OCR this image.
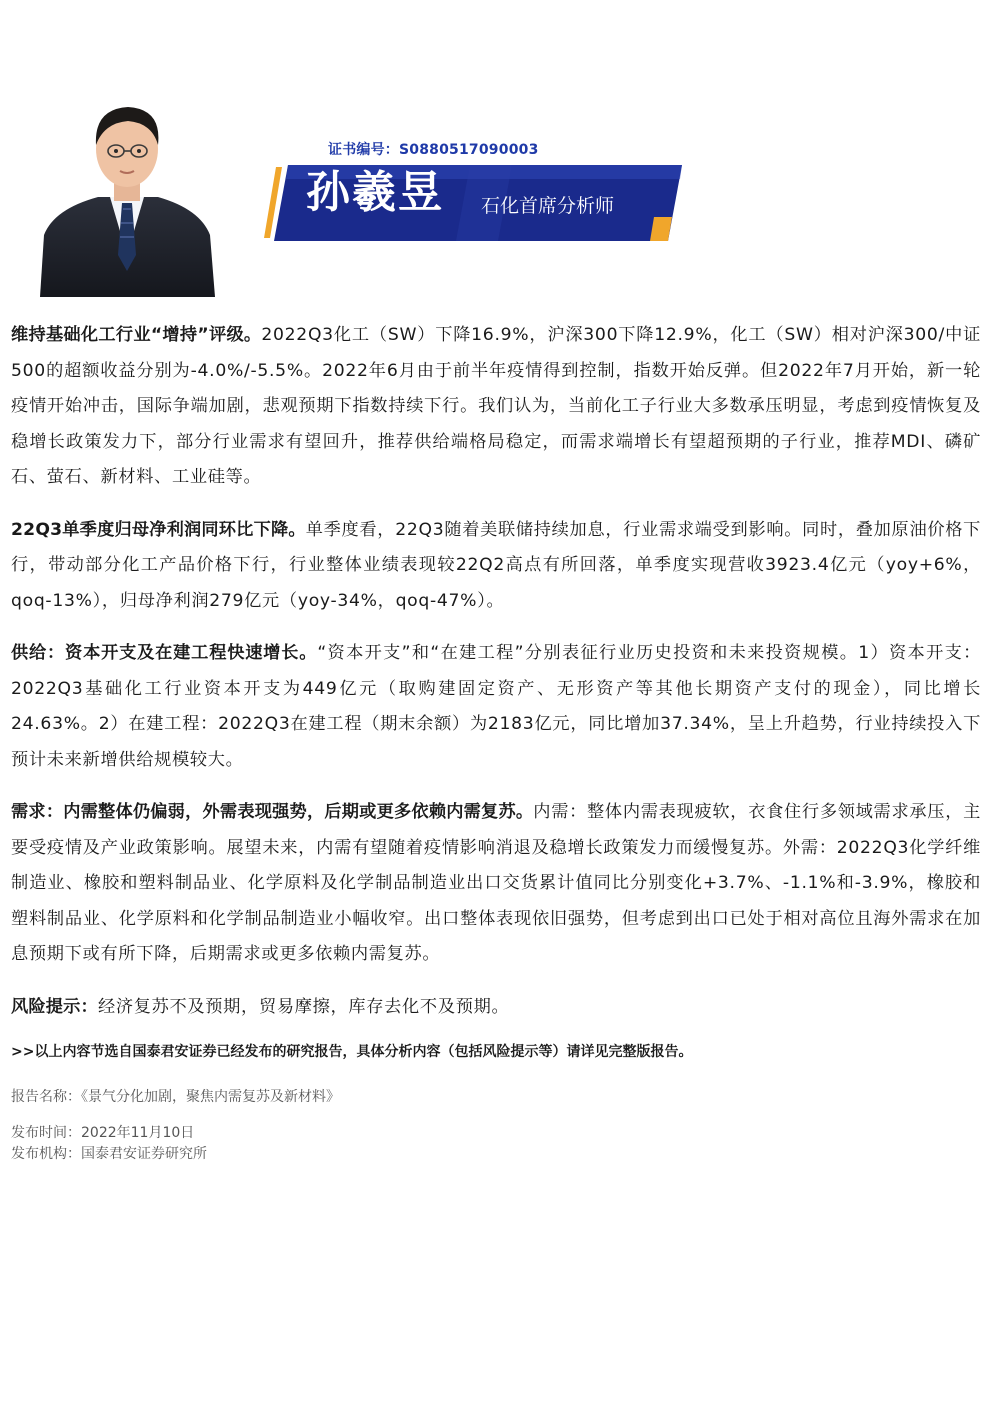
证书编号：S0880517090003
孙羲昱 石化首席分析师

维持基础化工行业“增持”评级。2022Q3化工（SW）下降16.9%，沪深300下降12.9%，化工（SW）相对沪深300/中证500的超额收益分别为-4.0%/-5.5%。2022年6月由于前半年疫情得到控制，指数开始反弹。但2022年7月开始，新一轮疫情开始冲击，国际争端加剧，悲观预期下指数持续下行。我们认为，当前化工子行业大多数承压明显，考虑到疫情恢复及稳增长政策发力下，部分行业需求有望回升，推荐供给端格局稳定，而需求端增长有望超预期的子行业，推荐MDI、磷矿石、萤石、新材料、工业硅等。

22Q3单季度归母净利润同环比下降。单季度看，22Q3随着美联储持续加息，行业需求端受到影响。同时，叠加原油价格下行，带动部分化工产品价格下行，行业整体业绩表现较22Q2高点有所回落，单季度实现营收3923.4亿元（yoy+6%，qoq-13%），归母净利润279亿元（yoy-34%，qoq-47%）。

供给：资本开支及在建工程快速增长。“资本开支”和“在建工程”分别表征行业历史投资和未来投资规模。1）资本开支：2022Q3基础化工行业资本开支为449亿元（取购建固定资产、无形资产等其他长期资产支付的现金），同比增长24.63%。2）在建工程：2022Q3在建工程（期末余额）为2183亿元，同比增加37.34%，呈上升趋势，行业持续投入下预计未来新增供给规模较大。

需求：内需整体仍偏弱，外需表现强势，后期或更多依赖内需复苏。内需：整体内需表现疲软，衣食住行多领域需求承压，主要受疫情及产业政策影响。展望未来，内需有望随着疫情影响消退及稳增长政策发力而缓慢复苏。外需：2022Q3化学纤维制造业、橡胶和塑料制品业、化学原料及化学制品制造业出口交货累计值同比分别变化+3.7%、-1.1%和-3.9%，橡胶和塑料制品业、化学原料和化学制品制造业小幅收窄。出口整体表现依旧强势，但考虑到出口已处于相对高位且海外需求在加息预期下或有所下降，后期需求或更多依赖内需复苏。

风险提示：经济复苏不及预期，贸易摩擦，库存去化不及预期。

>>以上内容节选自国泰君安证券已经发布的研究报告，具体分析内容（包括风险提示等）请详见完整版报告。
报告名称：《景气分化加剧，聚焦内需复苏及新材料》
发布时间：2022年11月10日
发布机构：国泰君安证券研究所
